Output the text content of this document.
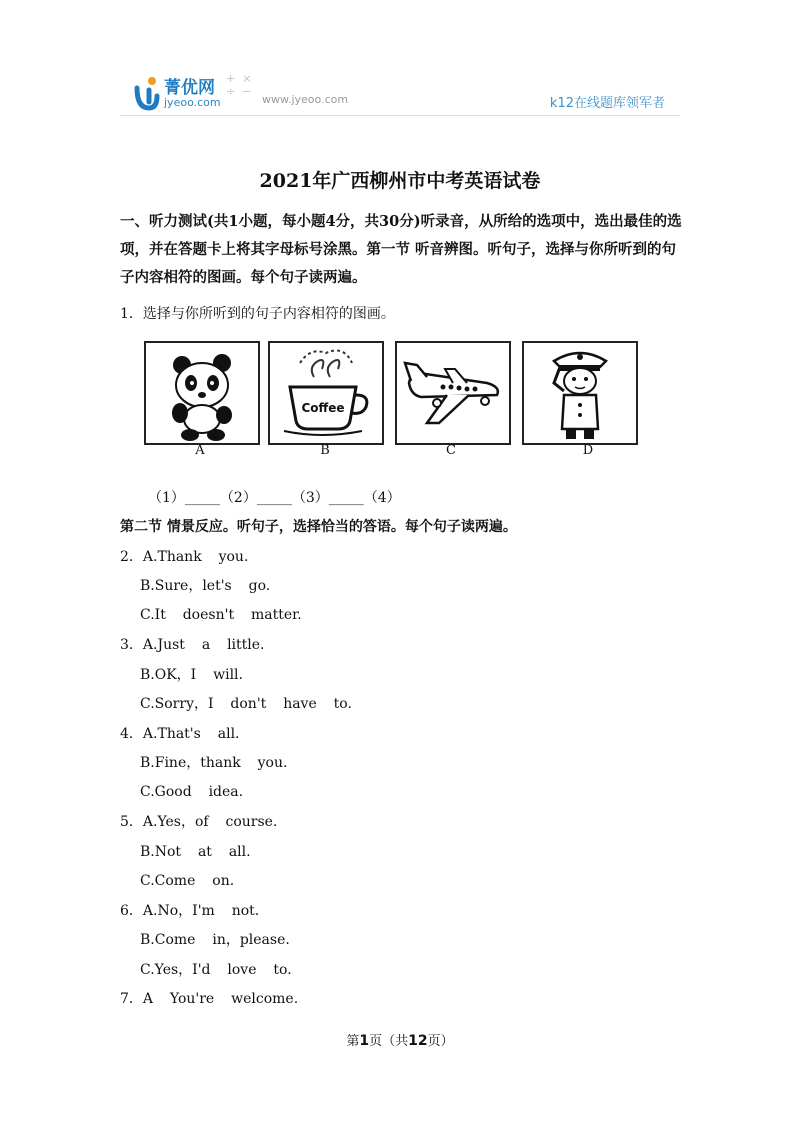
菁优网
jyeoo.com
+  ×
÷  −
www.jyeoo.com	k12在线题库领军者
2021年广西柳州市中考英语试卷
一、听力测试(共1小题，每小题4分，共30分)听录音，从所给的选项中，选出最佳的选项，并在答题卡上将其字母标号涂黑。第一节 听音辨图。听句子，选择与你所听到的句子内容相符的图画。每个句子读两遍。
1．选择与你所听到的句子内容相符的图画。
A
Coffee
B	C	D
（1）_____（2）_____（3）_____（4）
第二节 情景反应。听句子，选择恰当的答语。每个句子读两遍。
2．A.Thank  you.
B.Sure，let's  go.
C.It  doesn't  matter.
3．A.Just  a  little.
B.OK，I  will.
C.Sorry，I  don't  have  to.
4．A.That's  all.
B.Fine，thank  you.
C.Good  idea.
5．A.Yes，of  course.
B.Not  at  all.
C.Come  on.
6．A.No，I'm  not.
B.Come  in，please.
C.Yes，I'd  love  to.
7．A  You're  welcome.
第1页（共12页）
